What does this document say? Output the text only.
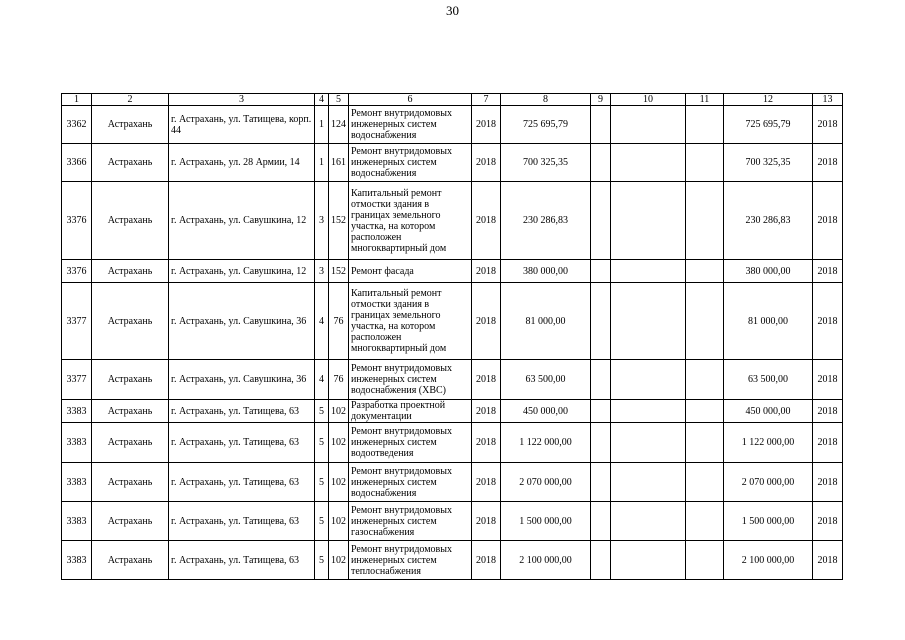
30
1	2	3	4	5	6	7	8	9	10	11	12	13
3362	Астрахань	г. Астрахань, ул. Татищева, корп. 44	1	124	Ремонт внутридомовых инженерных систем водоснабжения	2018	725 695,79				725 695,79	2018
3366	Астрахань	г. Астрахань, ул. 28 Армии, 14	1	161	Ремонт внутридомовых инженерных систем водоснабжения	2018	700 325,35				700 325,35	2018
3376	Астрахань	г. Астрахань, ул. Савушкина, 12	3	152	Капитальный ремонт отмостки здания в границах земельного участка, на котором расположен многоквартирный дом	2018	230 286,83				230 286,83	2018
3376	Астрахань	г. Астрахань, ул. Савушкина, 12	3	152	Ремонт фасада	2018	380 000,00				380 000,00	2018
3377	Астрахань	г. Астрахань, ул. Савушкина, 36	4	76	Капитальный ремонт отмостки здания в границах земельного участка, на котором расположен многоквартирный дом	2018	81 000,00				81 000,00	2018
3377	Астрахань	г. Астрахань, ул. Савушкина, 36	4	76	Ремонт внутридомовых инженерных систем водоснабжения (ХВС)	2018	63 500,00				63 500,00	2018
3383	Астрахань	г. Астрахань, ул. Татищева, 63	5	102	Разработка проектной документации	2018	450 000,00				450 000,00	2018
3383	Астрахань	г. Астрахань, ул. Татищева, 63	5	102	Ремонт внутридомовых инженерных систем водоотведения	2018	1 122 000,00				1 122 000,00	2018
3383	Астрахань	г. Астрахань, ул. Татищева, 63	5	102	Ремонт внутридомовых инженерных систем водоснабжения	2018	2 070 000,00				2 070 000,00	2018
3383	Астрахань	г. Астрахань, ул. Татищева, 63	5	102	Ремонт внутридомовых инженерных систем газоснабжения	2018	1 500 000,00				1 500 000,00	2018
3383	Астрахань	г. Астрахань, ул. Татищева, 63	5	102	Ремонт внутридомовых инженерных систем теплоснабжения	2018	2 100 000,00				2 100 000,00	2018
